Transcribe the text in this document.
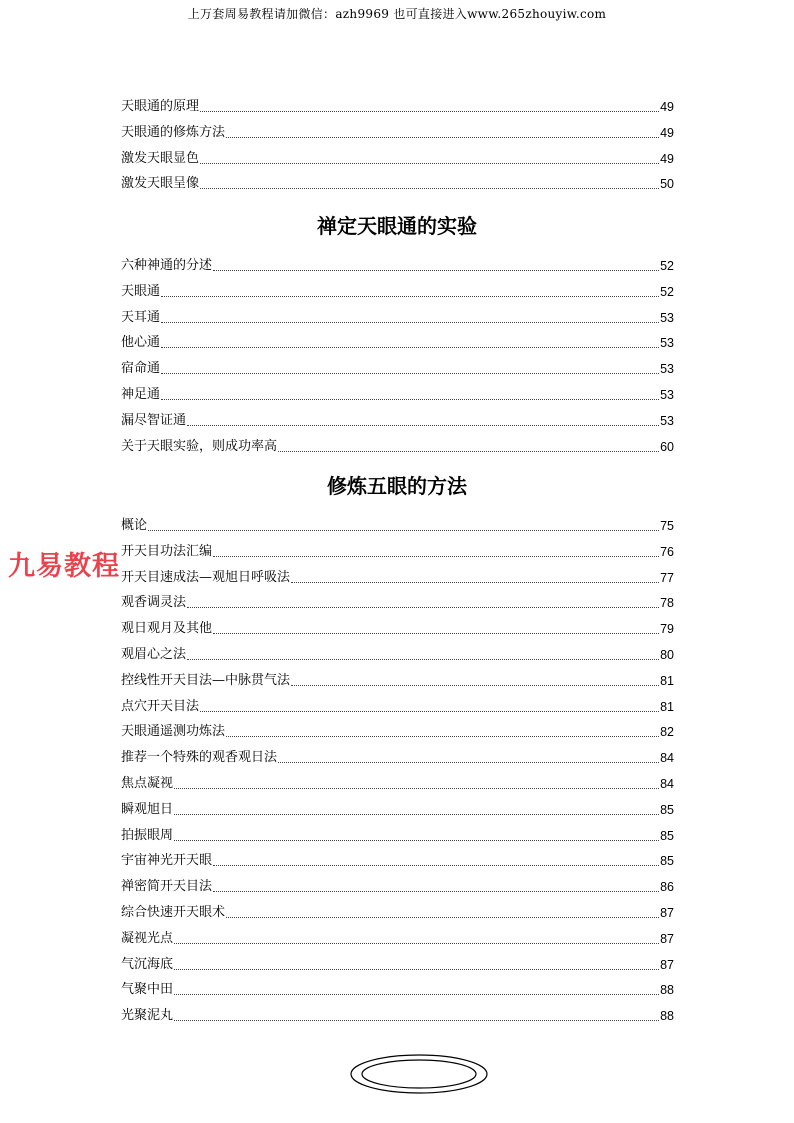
上万套周易教程请加微信：azh9969 也可直接进入www.265zhouyiw.com
天眼通的原理	49
天眼通的修炼方法	49
激发天眼显色	49
激发天眼呈像	50
禅定天眼通的实验
六种神通的分述	52
天眼通	52
天耳通	53
他心通	53
宿命通	53
神足通	53
漏尽智证通	53
关于天眼实验，则成功率高	60
修炼五眼的方法
概论	75
开天目功法汇编	76
开天目速成法—观旭日呼吸法	77
观香调灵法	78
观日观月及其他	79
观眉心之法	80
控线性开天目法—中脉贯气法	81
点穴开天目法	81
天眼通遥测功炼法	82
推荐一个特殊的观香观日法	84
焦点凝视	84
瞬观旭日	85
拍振眼周	85
宇宙神光开天眼	85
禅密简开天目法	86
综合快速开天眼术	87
凝视光点	87
气沉海底	87
气聚中田	88
光聚泥丸	88
九易教程
